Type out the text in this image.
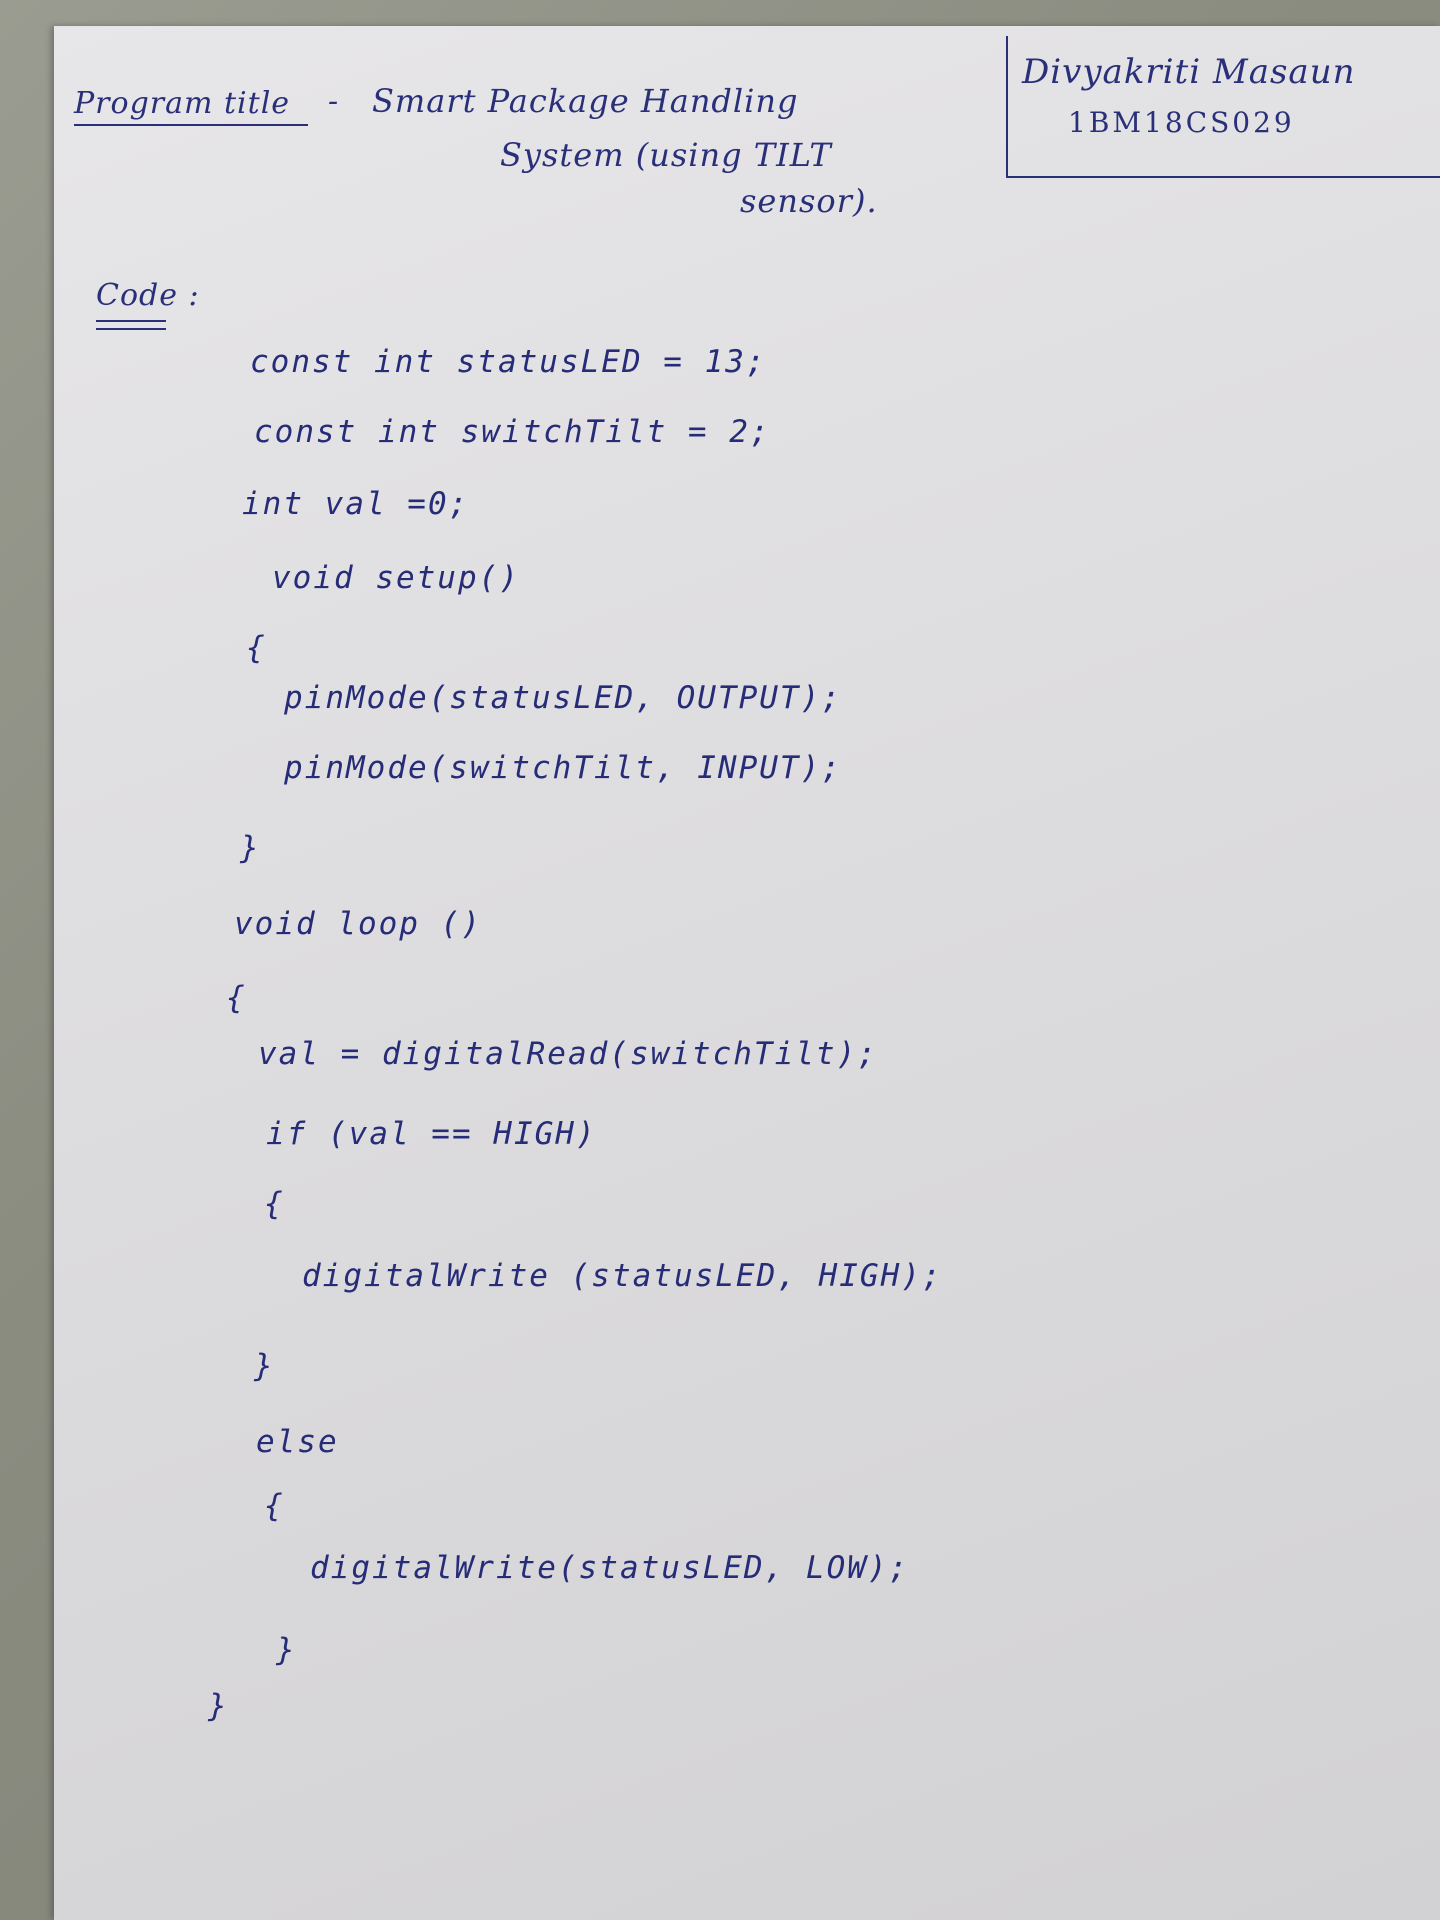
Divyakriti Masaun
1BM18CS029
Program title - Smart Package Handling
System (using TILT
sensor).
Code :
const int statusLED = 13;
const int switchTilt = 2;
int val =0;
void setup()
{
pinMode(statusLED, OUTPUT);
pinMode(switchTilt, INPUT);
}
void loop ()
{
val = digitalRead(switchTilt);
if (val == HIGH)
{
digitalWrite (statusLED, HIGH);
}
else
{
digitalWrite(statusLED, LOW);
}
}
